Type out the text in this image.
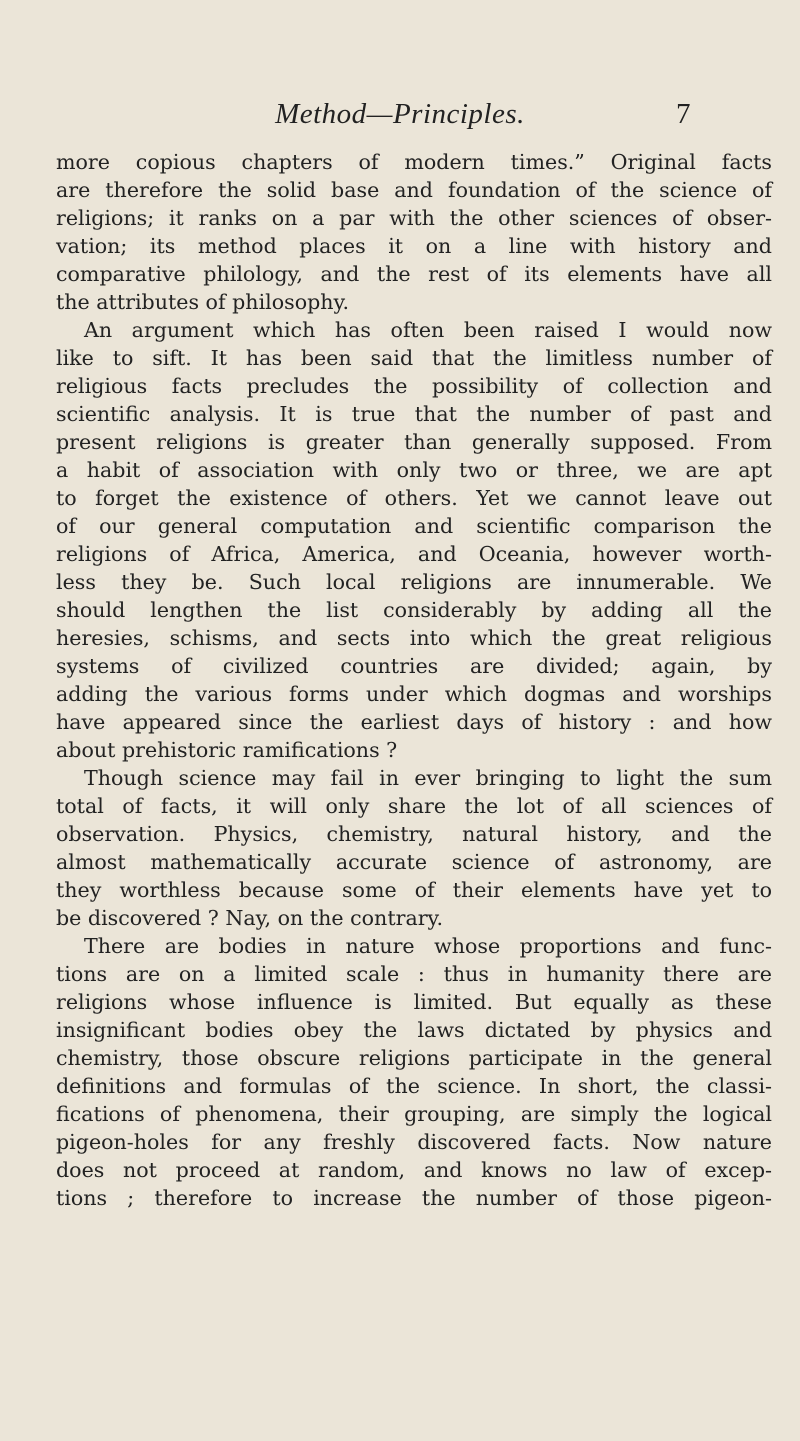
Method—Principles.	7
more copious chapters of modern times.” Original facts
are therefore the solid base and foundation of the science of
religions; it ranks on a par with the other sciences of obser-
vation; its method places it on a line with history and
comparative philology, and the rest of its elements have all
the attributes of philosophy.
An argument which has often been raised I would now
like to sift. It has been said that the limitless number of
religious facts precludes the possibility of collection and
scientific analysis. It is true that the number of past and
present religions is greater than generally supposed. From
a habit of association with only two or three, we are apt
to forget the existence of others. Yet we cannot leave out
of our general computation and scientific comparison the
religions of Africa, America, and Oceania, however worth-
less they be. Such local religions are innumerable. We
should lengthen the list considerably by adding all the
heresies, schisms, and sects into which the great religious
systems of civilized countries are divided; again, by
adding the various forms under which dogmas and worships
have appeared since the earliest days of history : and how
about prehistoric ramifications ?
Though science may fail in ever bringing to light the sum
total of facts, it will only share the lot of all sciences of
observation. Physics, chemistry, natural history, and the
almost mathematically accurate science of astronomy, are
they worthless because some of their elements have yet to
be discovered ? Nay, on the contrary.
There are bodies in nature whose proportions and func-
tions are on a limited scale : thus in humanity there are
religions whose influence is limited. But equally as these
insignificant bodies obey the laws dictated by physics and
chemistry, those obscure religions participate in the general
definitions and formulas of the science. In short, the classi-
fications of phenomena, their grouping, are simply the logical
pigeon-holes for any freshly discovered facts. Now nature
does not proceed at random, and knows no law of excep-
tions ; therefore to increase the number of those pigeon-
